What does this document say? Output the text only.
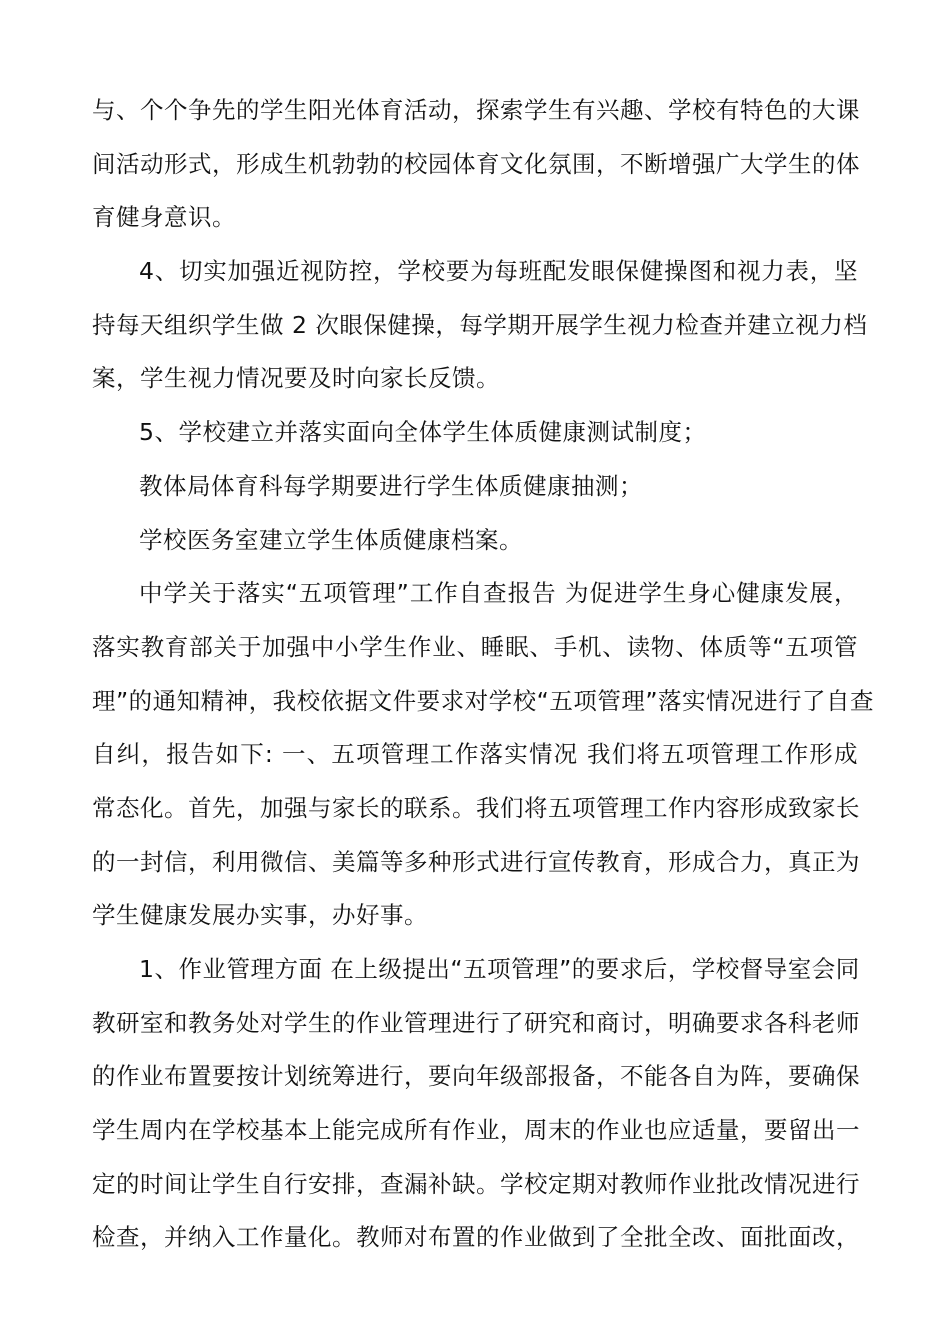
与、个个争先的学生阳光体育活动，探索学生有兴趣、学校有特色的大课
间活动形式，形成生机勃勃的校园体育文化氛围，不断增强广大学生的体
育健身意识。
4、切实加强近视防控，学校要为每班配发眼保健操图和视力表，坚
持每天组织学生做 2 次眼保健操，每学期开展学生视力检查并建立视力档
案，学生视力情况要及时向家长反馈。
5、学校建立并落实面向全体学生体质健康测试制度；
教体局体育科每学期要进行学生体质健康抽测；
学校医务室建立学生体质健康档案。
中学关于落实“五项管理”工作自查报告 为促进学生身心健康发展，
落实教育部关于加强中小学生作业、睡眠、手机、读物、体质等“五项管
理”的通知精神，我校依据文件要求对学校“五项管理”落实情况进行了自查
自纠，报告如下: 一、五项管理工作落实情况 我们将五项管理工作形成
常态化。首先，加强与家长的联系。我们将五项管理工作内容形成致家长
的一封信，利用微信、美篇等多种形式进行宣传教育，形成合力，真正为
学生健康发展办实事，办好事。
1、作业管理方面 在上级提出“五项管理”的要求后，学校督导室会同
教研室和教务处对学生的作业管理进行了研究和商讨，明确要求各科老师
的作业布置要按计划统筹进行，要向年级部报备，不能各自为阵，要确保
学生周内在学校基本上能完成所有作业，周末的作业也应适量，要留出一
定的时间让学生自行安排，查漏补缺。学校定期对教师作业批改情况进行
检查，并纳入工作量化。教师对布置的作业做到了全批全改、面批面改，
